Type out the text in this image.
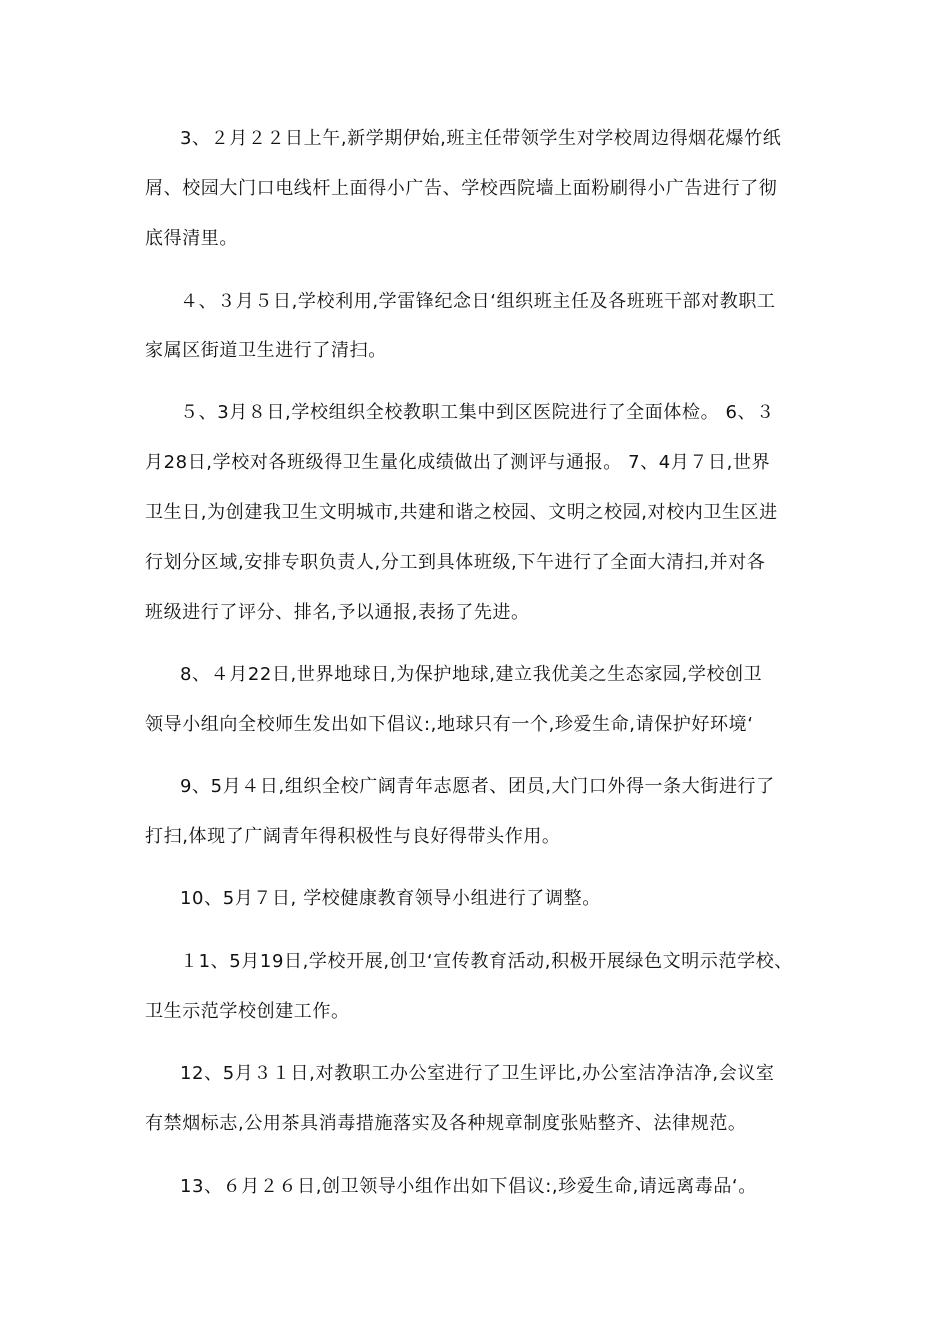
3、２月２２日上午,新学期伊始,班主任带领学生对学校周边得烟花爆竹纸
屑、校园大门口电线杆上面得小广告、学校西院墙上面粉刷得小广告进行了彻
底得清里。
４、３月５日,学校利用,学雷锋纪念日‘组织班主任及各班班干部对教职工
家属区街道卫生进行了清扫。
５、3月８日,学校组织全校教职工集中到区医院进行了全面体检。 6、３
月28日,学校对各班级得卫生量化成绩做出了测评与通报。 7、4月７日,世界
卫生日,为创建我卫生文明城市,共建和谐之校园、文明之校园,对校内卫生区进
行划分区域,安排专职负责人,分工到具体班级,下午进行了全面大清扫,并对各
班级进行了评分、排名,予以通报,表扬了先进。
8、４月22日,世界地球日,为保护地球,建立我优美之生态家园,学校创卫
领导小组向全校师生发出如下倡议:,地球只有一个,珍爱生命,请保护好环境‘
9、5月４日,组织全校广阔青年志愿者、团员,大门口外得一条大街进行了
打扫,体现了广阔青年得积极性与良好得带头作用。
10、5月７日, 学校健康教育领导小组进行了调整。
１1、5月19日,学校开展,创卫‘宣传教育活动,积极开展绿色文明示范学校、
卫生示范学校创建工作。
12、5月３１日,对教职工办公室进行了卫生评比,办公室洁净洁净,会议室
有禁烟标志,公用茶具消毒措施落实及各种规章制度张贴整齐、法律规范。
13、６月２６日,创卫领导小组作出如下倡议:,珍爱生命,请远离毒品‘。
